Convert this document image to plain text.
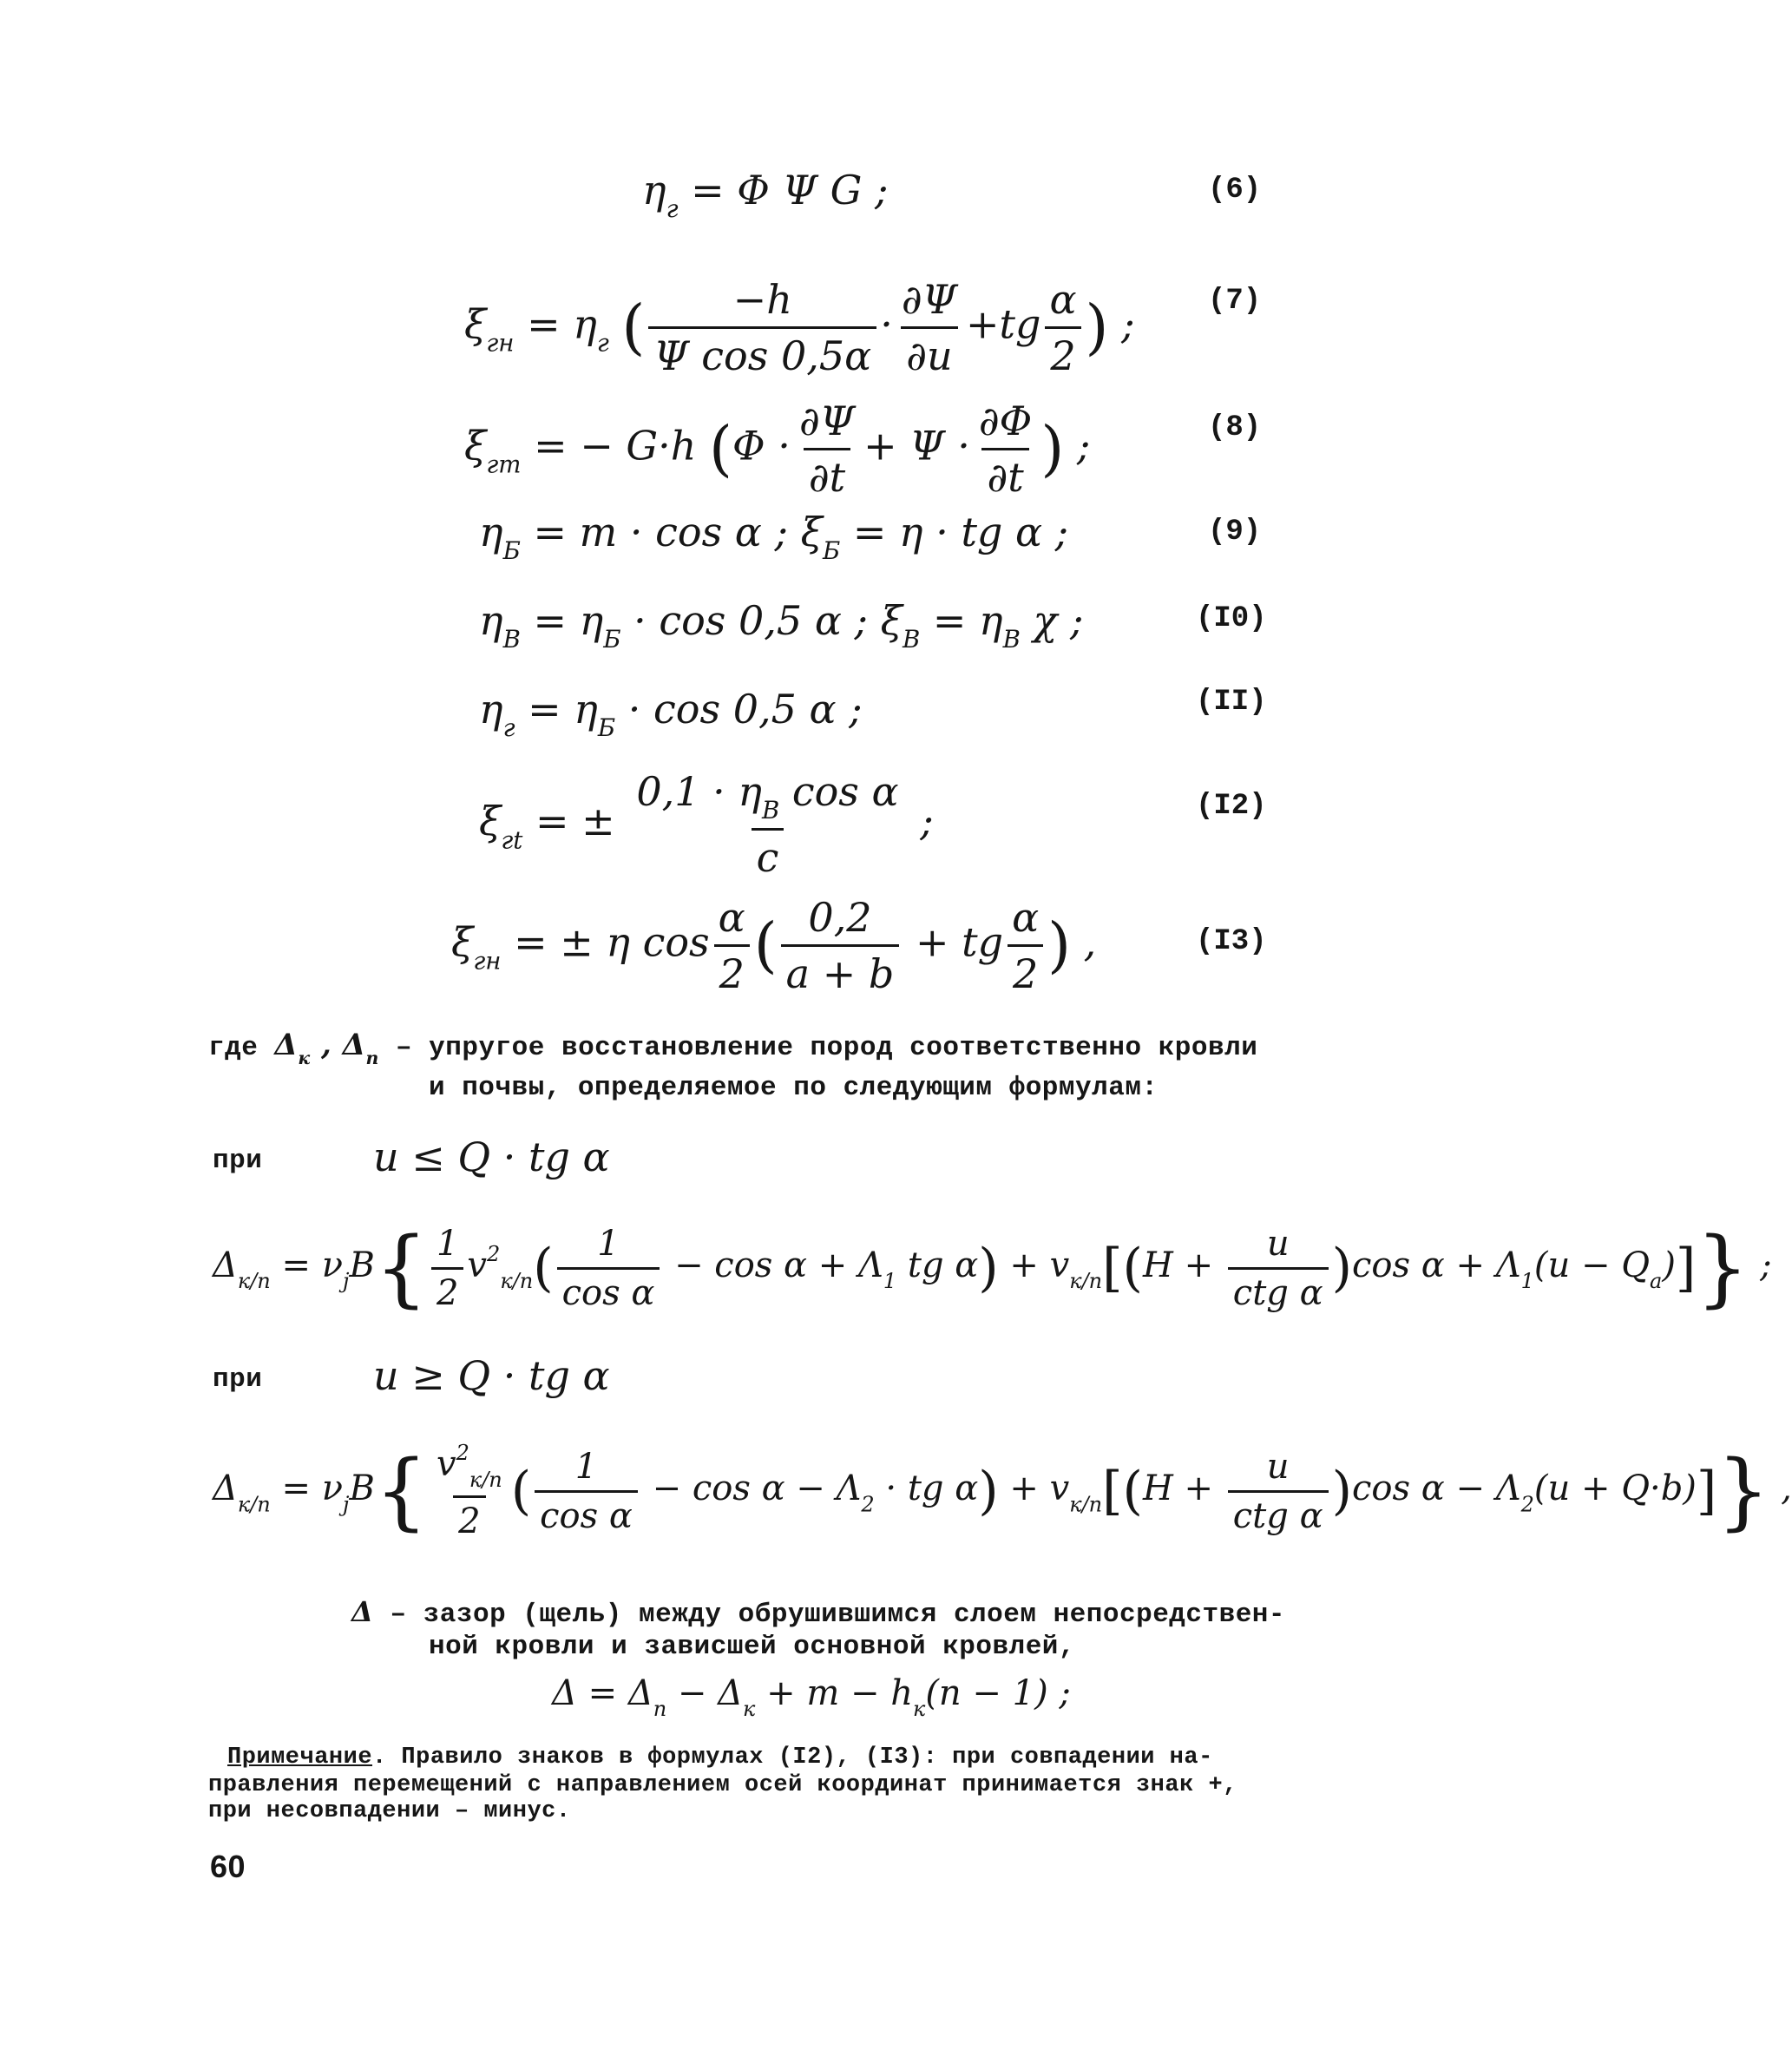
$\eta_г = \Phi$ Ψ G ;	(6)
$\xi_{гн} = \eta_г$ ( $\frac{-h}{\text{Ψ cos 0,5α}} \cdot \frac{\partial\Psi}{\partial u} +tg \frac{\alpha}{2}$ ) ; (7)
$\xi_{гт}$ = − G·h ($\Phi \cdot \frac{\partial\Psi}{\partial t} + \Psi \cdot \frac{\partial\Phi}{\partial t}$ ) ;	(8)
$\eta_Б = m \cdot \cos \alpha$ ; $\xi_Б = \eta$ · tg α ;	(9)
$\eta_В = \eta_Б \cdot \cos 0,5$ α ; $\xi_В = \eta_В$ χ ;	(I0)
$\eta_г = \eta_Б \cdot \cos 0,5$ α ;	(II)
$\xi_{гt}$ = ± $\frac{0,1 \cdot \eta_В \cos \alpha}{c}$ ;	(I2)
$\xi_{гн}$ = ± η $\cos \frac{\alpha}{2}$ ( $\frac{0,2}{a + b}$ + tg $\frac{\alpha}{2}$ ) ,	(I3)
где $\Delta_к$ , $\Delta_п$ – упругое восстановление пород соответственно кровли
и почвы, определяемое по следующим формулам:
при	u ≤ Q · tg α
$\Delta_{к/п} = \nu_jB\{ \frac{1}{2} v^2_{к/п}( \frac{1}{\text{cos α}} - \cos \alpha + \Lambda_1$ tg $\alpha) + v_{к/п}[(H + \frac{u}{\text{ctg α}} )\cos$ $\alpha + \Lambda_1(u - Q_a)$]} ;
при	u ≥ Q · tg α
$\Delta_{к/п} = \nu_jB\{ \frac{v^2_{к/п}}{2}$ ( $\frac{1}{\text{cos α}} - \cos \alpha - \Lambda_2$ · tg $\alpha) + v_{к/п}[(H + \frac{u}{\text{ctg α}} )\cos$ $\alpha - \Lambda_2(u + Q\cdot b)$]} ,
Δ – зазор (щель) между обрушившимся слоем непосредствен-
ной кровли и зависшей основной кровлей,
$\Delta = \Delta_п - \Delta_к + m - h_к(n - 1)$ ;
Примечание. Правило знаков в формулах (I2), (I3): при совпадении на-
правления перемещений с направлением осей координат принимается знак +,
при несовпадении – минус.
60
